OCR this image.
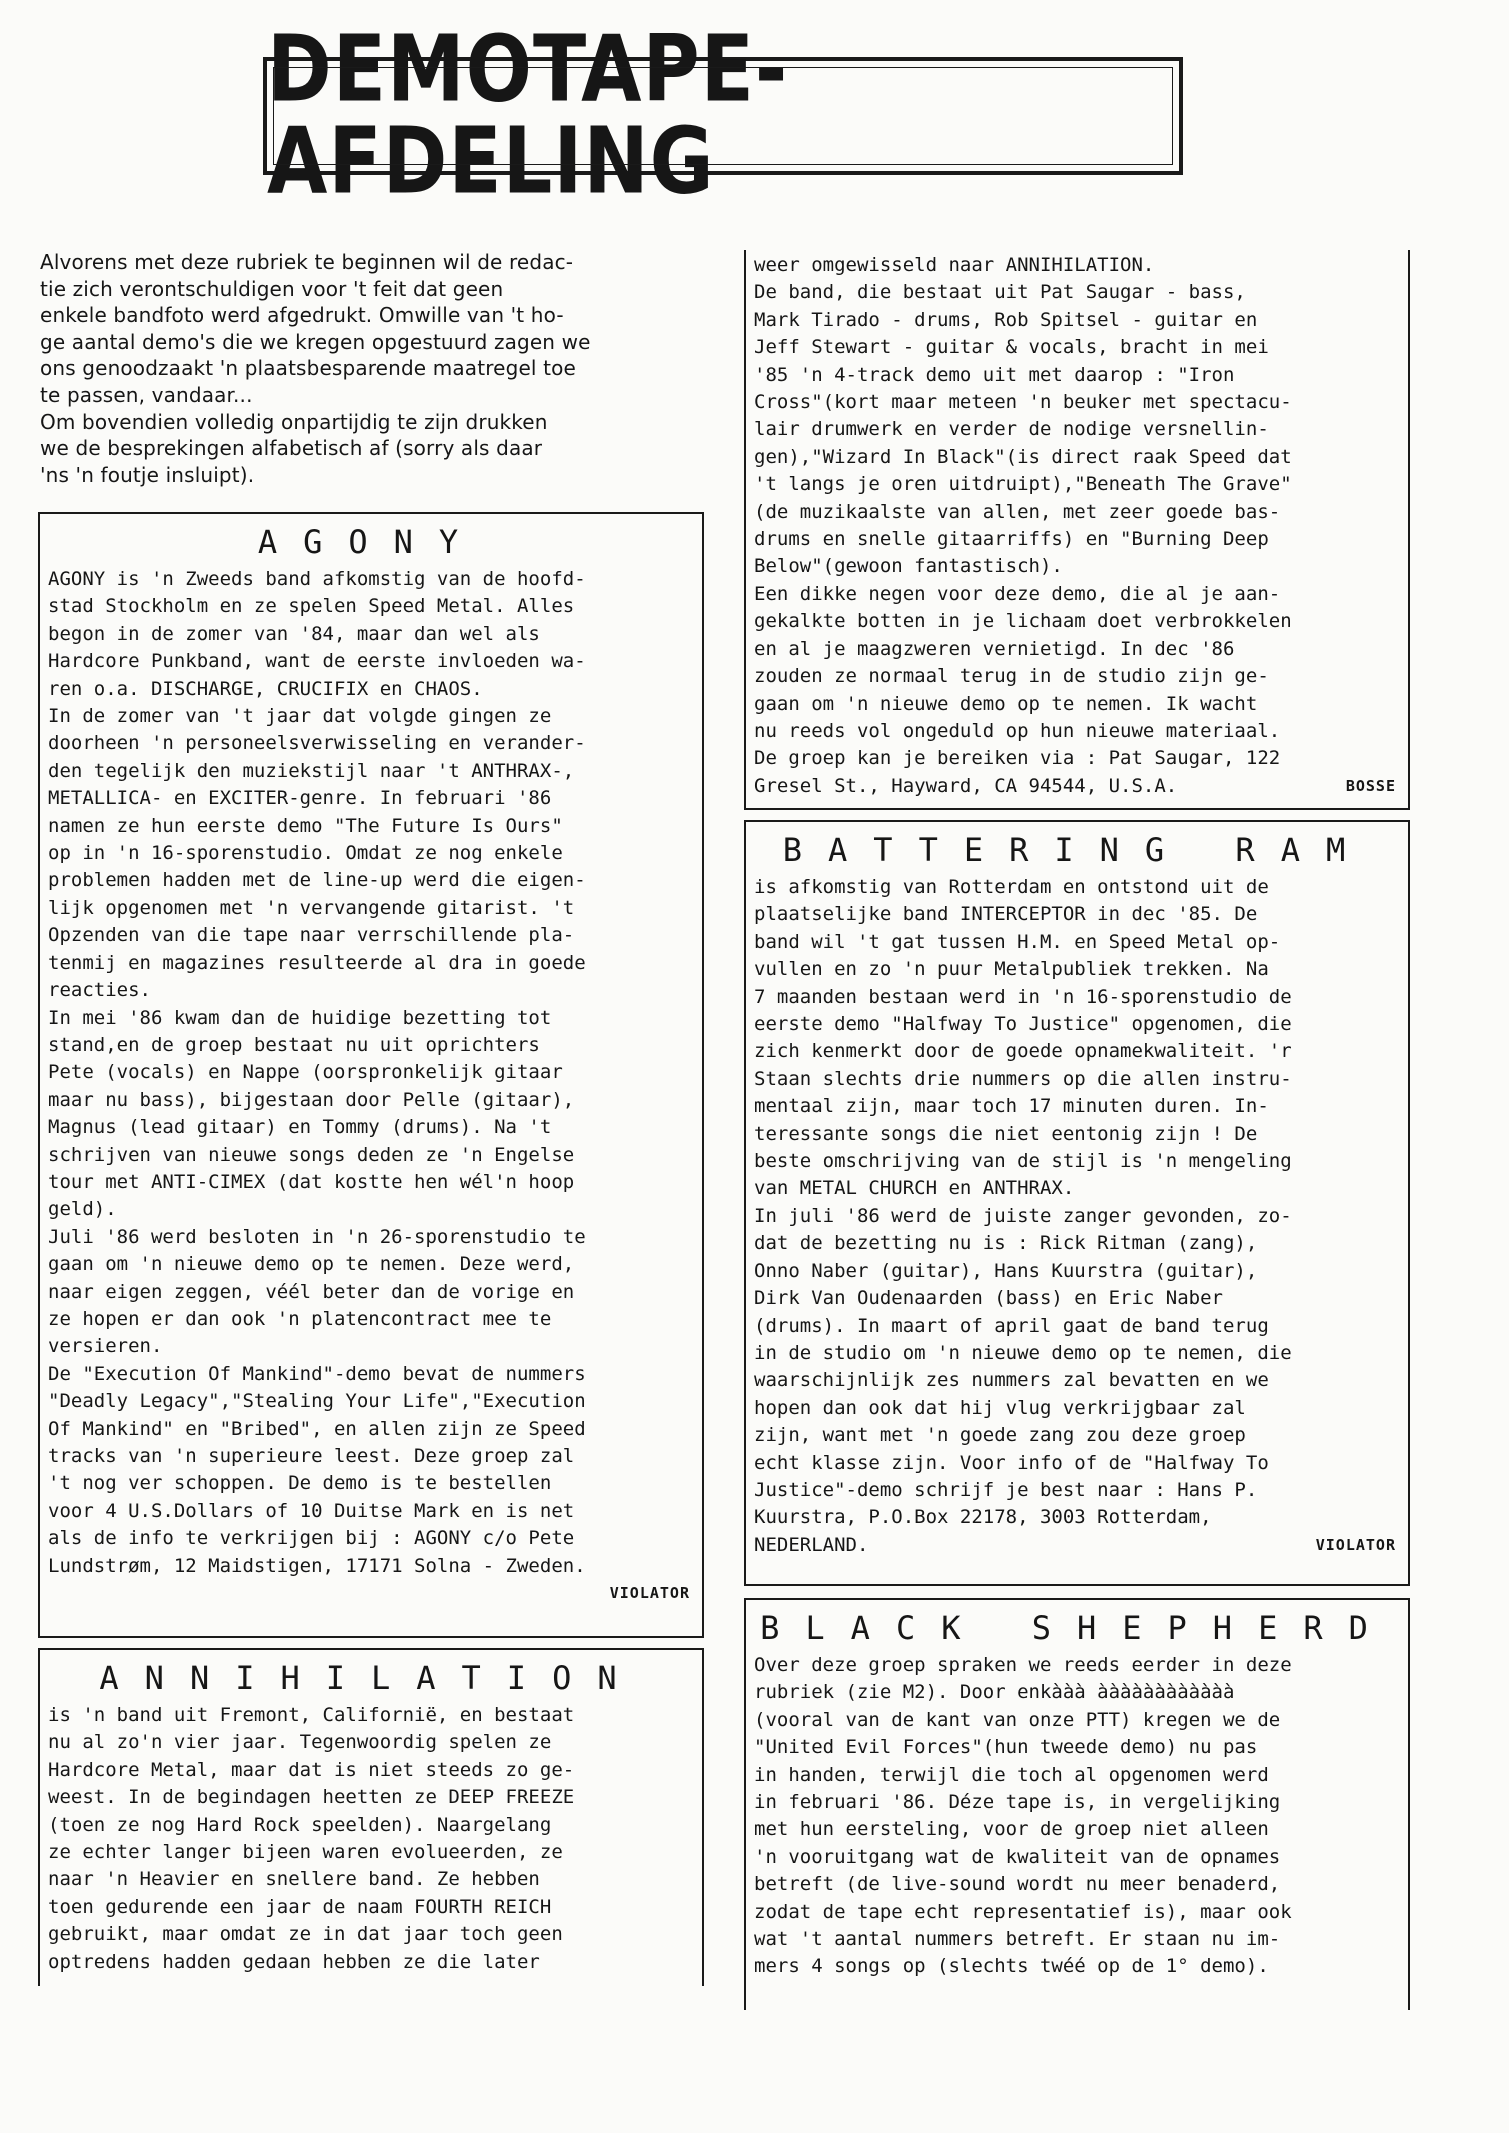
DEMOTAPE-AFDELING

Alvorens met deze rubriek te beginnen wil de redac-

tie zich verontschuldigen voor 't feit dat geen

enkele bandfoto werd afgedrukt. Omwille van 't ho-

ge aantal demo's die we kregen opgestuurd zagen we

ons genoodzaakt 'n plaatsbesparende maatregel toe

te passen, vandaar...

Om bovendien volledig onpartijdig te zijn drukken

we de besprekingen alfabetisch af (sorry als daar

'ns 'n foutje insluipt).

AGONY

AGONY is 'n Zweeds band afkomstig van de hoofd-

stad Stockholm en ze spelen Speed Metal. Alles

begon in de zomer van '84, maar dan wel als

Hardcore Punkband, want de eerste invloeden wa-

ren o.a. DISCHARGE, CRUCIFIX en CHAOS.

In de zomer van 't jaar dat volgde gingen ze

doorheen 'n personeelsverwisseling en verander-

den tegelijk den muziekstijl naar 't ANTHRAX-,

METALLICA- en EXCITER-genre. In februari '86

namen ze hun eerste demo "The Future Is Ours"

op in 'n 16-sporenstudio. Omdat ze nog enkele

problemen hadden met de line-up werd die eigen-

lijk opgenomen met 'n vervangende gitarist. 't

Opzenden van die tape naar verrschillende pla-

tenmij en magazines resulteerde al dra in goede

reacties.

In mei '86 kwam dan de huidige bezetting tot

stand,en de groep bestaat nu uit oprichters

Pete (vocals) en Nappe (oorspronkelijk gitaar

maar nu bass), bijgestaan door Pelle (gitaar),

Magnus (lead gitaar) en Tommy (drums). Na 't

schrijven van nieuwe songs deden ze 'n Engelse

tour met ANTI-CIMEX (dat kostte hen wél'n hoop

geld).

Juli '86 werd besloten in 'n 26-sporenstudio te

gaan om 'n nieuwe demo op te nemen. Deze werd,

naar eigen zeggen, véél beter dan de vorige en

ze hopen er dan ook 'n platencontract mee te

versieren.

De "Execution Of Mankind"-demo bevat de nummers

"Deadly Legacy","Stealing Your Life","Execution

Of Mankind" en "Bribed", en allen zijn ze Speed

tracks van 'n superieure leest. Deze groep zal

't nog ver schoppen. De demo is te bestellen

voor 4 U.S.Dollars of 10 Duitse Mark en is net

als de info te verkrijgen bij : AGONY c/o Pete

Lundstrøm, 12 Maidstigen, 17171 Solna - Zweden.

VIOLATOR
ANNIHILATION

is 'n band uit Fremont, Californië, en bestaat

nu al zo'n vier jaar. Tegenwoordig spelen ze

Hardcore Metal, maar dat is niet steeds zo ge-

weest. In de begindagen heetten ze DEEP FREEZE

(toen ze nog Hard Rock speelden). Naargelang

ze echter langer bijeen waren evolueerden, ze

naar 'n Heavier en snellere band. Ze hebben

toen gedurende een jaar de naam FOURTH REICH

gebruikt, maar omdat ze in dat jaar toch geen

optredens hadden gedaan hebben ze die later

weer omgewisseld naar ANNIHILATION.

De band, die bestaat uit Pat Saugar - bass,

Mark Tirado - drums, Rob Spitsel - guitar en

Jeff Stewart - guitar & vocals, bracht in mei

'85 'n 4-track demo uit met daarop : "Iron

Cross"(kort maar meteen 'n beuker met spectacu-

lair drumwerk en verder de nodige versnellin-

gen),"Wizard In Black"(is direct raak Speed dat

't langs je oren uitdruipt),"Beneath The Grave"

(de muzikaalste van allen, met zeer goede bas-

drums en snelle gitaarriffs) en "Burning Deep

Below"(gewoon fantastisch).

Een dikke negen voor deze demo, die al je aan-

gekalkte botten in je lichaam doet verbrokkelen

en al je maagzweren vernietigd. In dec '86

zouden ze normaal terug in de studio zijn ge-

gaan om 'n nieuwe demo op te nemen. Ik wacht

nu reeds vol ongeduld op hun nieuwe materiaal.

De groep kan je bereiken via : Pat Saugar, 122

Gresel St., Hayward, CA 94544, U.S.A.	BOSSE
BATTERING RAM

is afkomstig van Rotterdam en ontstond uit de

plaatselijke band INTERCEPTOR in dec '85. De

band wil 't gat tussen H.M. en Speed Metal op-

vullen en zo 'n puur Metalpubliek trekken. Na

7 maanden bestaan werd in 'n 16-sporenstudio de

eerste demo "Halfway To Justice" opgenomen, die

zich kenmerkt door de goede opnamekwaliteit. 'r

Staan slechts drie nummers op die allen instru-

mentaal zijn, maar toch 17 minuten duren. In-

teressante songs die niet eentonig zijn ! De

beste omschrijving van de stijl is 'n mengeling

van METAL CHURCH en ANTHRAX.

In juli '86 werd de juiste zanger gevonden, zo-

dat de bezetting nu is : Rick Ritman (zang),

Onno Naber (guitar), Hans Kuurstra (guitar),

Dirk Van Oudenaarden (bass) en Eric Naber

(drums). In maart of april gaat de band terug

in de studio om 'n nieuwe demo op te nemen, die

waarschijnlijk zes nummers zal bevatten en we

hopen dan ook dat hij vlug verkrijgbaar zal

zijn, want met 'n goede zang zou deze groep

echt klasse zijn. Voor info of de "Halfway To

Justice"-demo schrijf je best naar : Hans P.

Kuurstra, P.O.Box 22178, 3003 Rotterdam,

NEDERLAND.	VIOLATOR
BLACK SHEPHERD

Over deze groep spraken we reeds eerder in deze

rubriek (zie M2). Door enkààà àààààààààààà

(vooral van de kant van onze PTT) kregen we de

"United Evil Forces"(hun tweede demo) nu pas

in handen, terwijl die toch al opgenomen werd

in februari '86. Déze tape is, in vergelijking

met hun eersteling, voor de groep niet alleen

'n vooruitgang wat de kwaliteit van de opnames

betreft (de live-sound wordt nu meer benaderd,

zodat de tape echt representatief is), maar ook

wat 't aantal nummers betreft. Er staan nu im-

mers 4 songs op (slechts twéé op de 1° demo).
